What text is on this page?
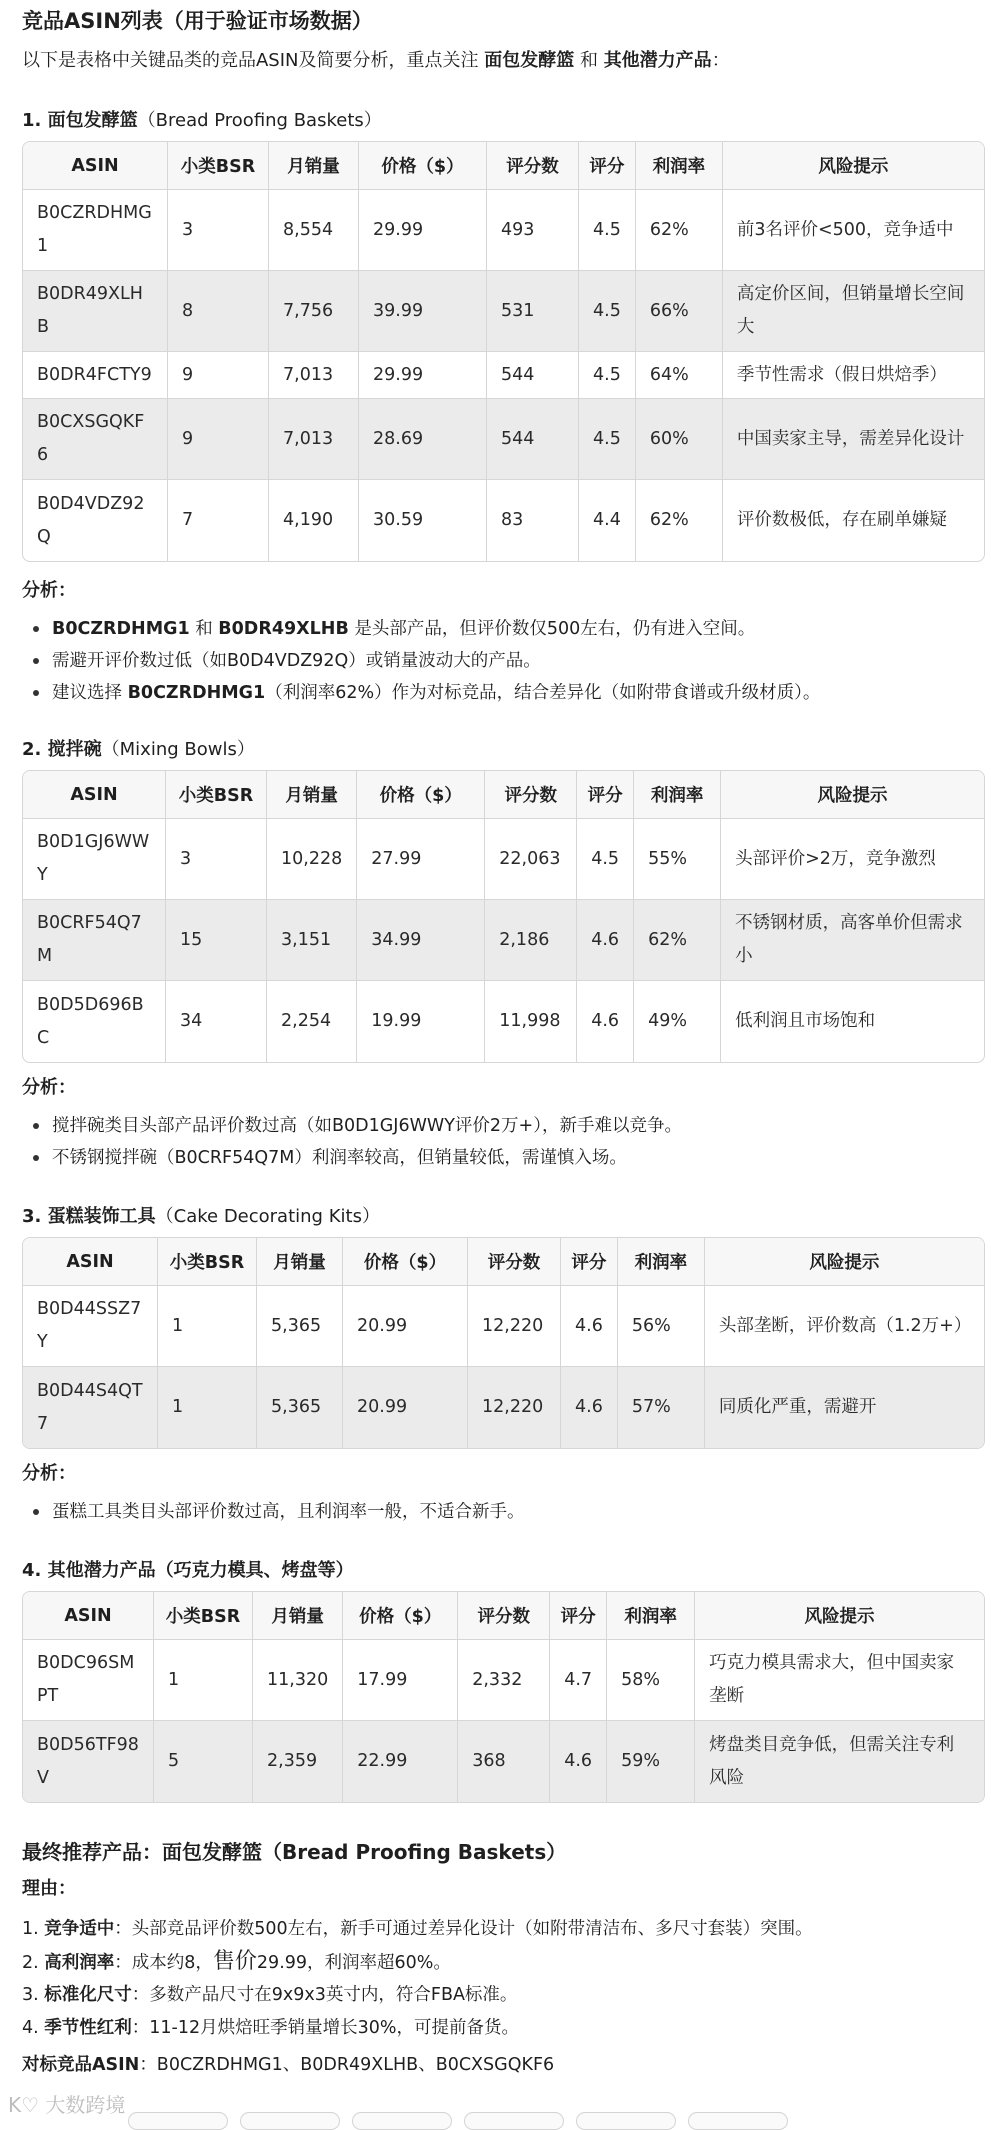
竞品ASIN列表（用于验证市场数据）
以下是表格中关键品类的竞品ASIN及简要分析，重点关注 面包发酵篮 和 其他潜力产品：
1. 面包发酵篮（Bread Proofing Baskets）
ASIN	小类BSR	月销量	价格（$）	评分数	评分	利润率	风险提示
B0CZRDHMG1	3	8,554	29.99	493	4.5	62%	前3名评价<500，竞争适中
B0DR49XLHB	8	7,756	39.99	531	4.5	66%	高定价区间，但销量增长空间大
B0DR4FCTY9	9	7,013	29.99	544	4.5	64%	季节性需求（假日烘焙季）
B0CXSGQKF6	9	7,013	28.69	544	4.5	60%	中国卖家主导，需差异化设计
B0D4VDZ92Q	7	4,190	30.59	83	4.4	62%	评价数极低，存在刷单嫌疑
分析：
B0CZRDHMG1 和 B0DR49XLHB 是头部产品，但评价数仅500左右，仍有进入空间。
需避开评价数过低（如B0D4VDZ92Q）或销量波动大的产品。
建议选择 B0CZRDHMG1（利润率62%）作为对标竞品，结合差异化（如附带食谱或升级材质）。
2. 搅拌碗（Mixing Bowls）
ASIN	小类BSR	月销量	价格（$）	评分数	评分	利润率	风险提示
B0D1GJ6WWY	3	10,228	27.99	22,063	4.5	55%	头部评价>2万，竞争激烈
B0CRF54Q7M	15	3,151	34.99	2,186	4.6	62%	不锈钢材质，高客单价但需求小
B0D5D696BC	34	2,254	19.99	11,998	4.6	49%	低利润且市场饱和
分析：
搅拌碗类目头部产品评价数过高（如B0D1GJ6WWY评价2万+），新手难以竞争。
不锈钢搅拌碗（B0CRF54Q7M）利润率较高，但销量较低，需谨慎入场。
3. 蛋糕装饰工具（Cake Decorating Kits）
ASIN	小类BSR	月销量	价格（$）	评分数	评分	利润率	风险提示
B0D44SSZ7Y	1	5,365	20.99	12,220	4.6	56%	头部垄断，评价数高（1.2万+）
B0D44S4QT7	1	5,365	20.99	12,220	4.6	57%	同质化严重，需避开
分析：
蛋糕工具类目头部评价数过高，且利润率一般，不适合新手。
4. 其他潜力产品（巧克力模具、烤盘等）
ASIN	小类BSR	月销量	价格（$）	评分数	评分	利润率	风险提示
B0DC96SMPT	1	11,320	17.99	2,332	4.7	58%	巧克力模具需求大，但中国卖家垄断
B0D56TF98V	5	2,359	22.99	368	4.6	59%	烤盘类目竞争低，但需关注专利风险
最终推荐产品：面包发酵篮（Bread Proofing Baskets）
理由：
1. 竞争适中：头部竞品评价数500左右，新手可通过差异化设计（如附带清洁布、多尺寸套装）突围。
2. 高利润率：成本约8，售价29.99，利润率超60%。
3. 标准化尺寸：多数产品尺寸在9x9x3英寸内，符合FBA标准。
4. 季节性红利：11-12月烘焙旺季销量增长30%，可提前备货。
对标竞品ASIN：B0CZRDHMG1、B0DR49XLHB、B0CXSGQKF6
K♡ 大数跨境
